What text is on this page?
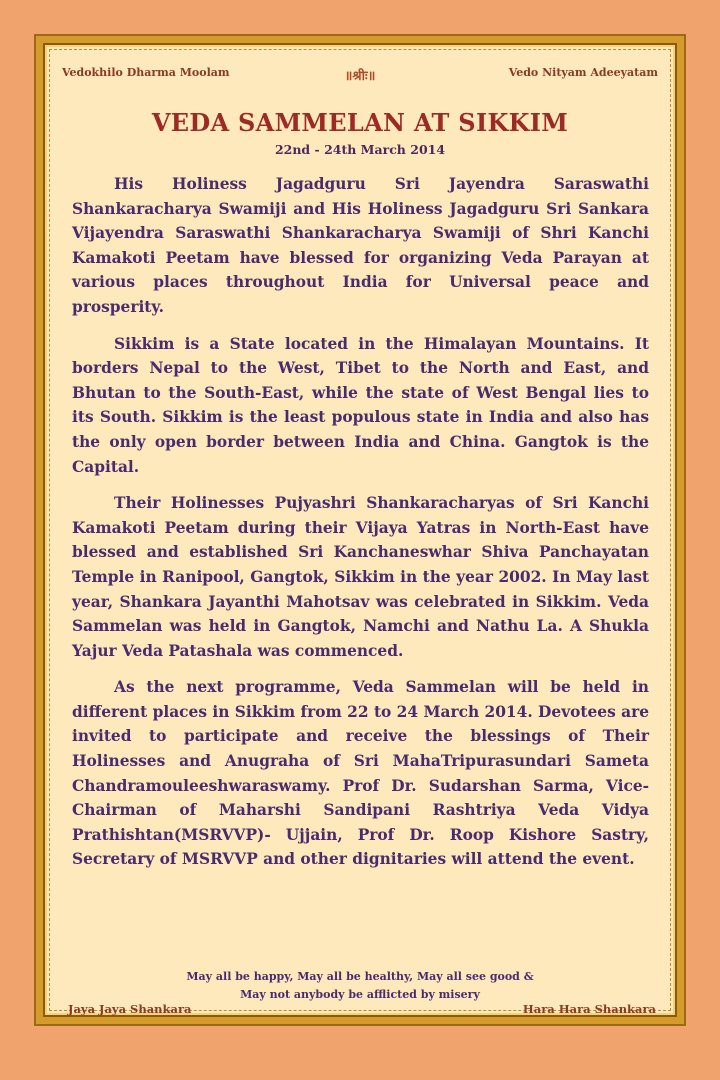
Vedokhilo Dharma Moolam	॥श्रीः॥	Vedo Nityam Adeeyatam
VEDA SAMMELAN AT SIKKIM
22nd - 24th March 2014

His Holiness Jagadguru Sri Jayendra Saraswathi Shankaracharya Swamiji and His Holiness Jagadguru Sri Sankara Vijayendra Saraswathi Shankaracharya Swamiji of Shri Kanchi Kamakoti Peetam have blessed for organizing Veda Parayan at various places throughout India for Universal peace and prosperity.

Sikkim is a State located in the Himalayan Mountains. It borders Nepal to the West, Tibet to the North and East, and Bhutan to the South-East, while the state of West Bengal lies to its South. Sikkim is the least populous state in India and also has the only open border between India and China. Gangtok is the Capital.

Their Holinesses Pujyashri Shankaracharyas of Sri Kanchi Kamakoti Peetam during their Vijaya Yatras in North-East have blessed and established Sri Kanchaneswhar Shiva Panchayatan Temple in Ranipool, Gangtok, Sikkim in the year 2002. In May last year, Shankara Jayanthi Mahotsav was celebrated in Sikkim. Veda Sammelan was held in Gangtok, Namchi and Nathu La. A Shukla Yajur Veda Patashala was commenced.

As the next programme, Veda Sammelan will be held in different places in Sikkim from 22 to 24 March 2014. Devotees are invited to participate and receive the blessings of Their Holinesses and Anugraha of Sri MahaTripurasundari Sameta Chandramouleeshwaraswamy. Prof Dr. Sudarshan Sarma, Vice-Chairman of Maharshi Sandipani Rashtriya Veda Vidya Prathishtan(MSRVVP)- Ujjain, Prof Dr. Roop Kishore Sastry, Secretary of MSRVVP and other dignitaries will attend the event.

May all be happy, May all be healthy, May all see good &
May not anybody be afflicted by misery
Jaya Jaya Shankara	Hara Hara Shankara
